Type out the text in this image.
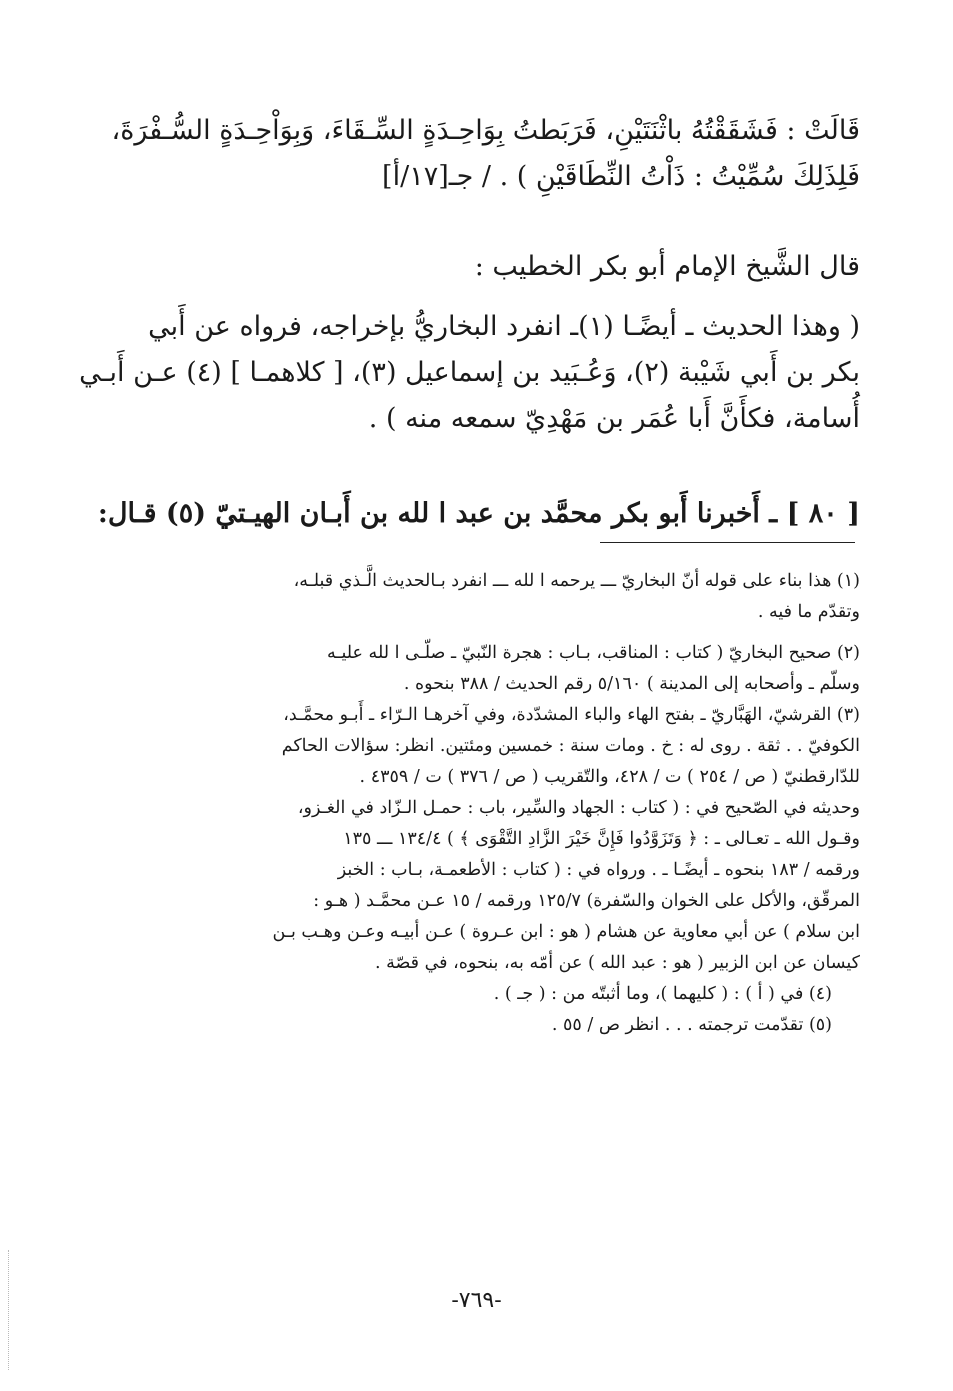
قَالَتْ : فَشَقَقْتُهُ باثْنَتَيْنِ، فَرَبَطتُ بِوَاحِـدَةٍ السِّـقَاءَ، وَبِوَاْحِـدَةٍ السُّـفْرَةَ،
فَلِذَلِكَ سُمِّيْتُ : ذَاْتُ النِّطَاقَيْنِ ) . / جـ[١٧/أ]
قال الشَّيخ الإمام أبو بكر الخطيب :
( وهذا الحديث ـ أيضًـا (١)ـ انفرد البخاريُّ بإخراجه، فرواه عن أَبي
بكر بن أَبي شَيْبة (٢)، وَعُـبَيد بن إسماعيل (٣)، [ كلاهمـا ] (٤) عـن أَبـي
أُسامة، فكأَنَّ أَبا عُمَر بن مَهْدِيّ سمعه منه ) .
[ ٨٠ ] ـ أَخبرنا أَبو بكر محمَّد بن عبد ا لله بن أَبـان الهيـتيّ (٥) قـال:
(١) هذا بناء على قوله أنّ البخاريّ ـــ يرحمه ا لله ـــ انفرد بـالحديث الَّـذي قبلـه،
وتقدّم ما فيه .
(٢) صحيح البخاريّ ( كتاب : المناقب، بـاب : هجرة النّبيّ ـ صلّـى ا لله عليـه
وسلّم ـ وأصحابه إلى المدينة ) ٥/١٦٠ رقم الحديث / ٣٨٨ بنحوه .
(٣) القرشيّ، الهَبَّاريّ ـ بفتح الهاء والباء المشدّدة، وفي آخرهـا الـرّاء ـ أَبـو محمَّـد،
الكوفيّ . . ثقة . روى له : خ . ومات سنة : خمسين ومئتين. انظر: سؤالات الحاكم
للدّارقطنيّ ( ص / ٢٥٤ ) ت / ٤٢٨، والتّقريب ( ص / ٣٧٦ ) ت / ٤٣٥٩ .
وحديثه في الصّحيح في : ( كتاب : الجهاد والسِّير، باب : حمـل الـزّاد في الغـزو،
وقـول الله ـ تعـالى ـ : ﴿ وَتَزَوَّدُوا فَإِنَّ خَيْرَ الزَّادِ التَّقْوَى ﴾ ) ١٣٤/٤ ـــ ١٣٥
ورقمه / ١٨٣ بنحوه ـ أيضًـا ـ . ورواه في : ( كتاب : الأطعمـة، بـاب : الخبز
المرقّق، والأكل على الخوان والسّفرة) ١٢٥/٧ ورقمه / ١٥ عـن محمَّـد ( هـو :
ابن سلام ) عن أبي معاوية عن هشام ( هو : ابن عـروة ) عـن أبيـه وعـن وهـب بـن
كيسان عن ابن الزبير ( هو : عبد الله ) عن أمّه به، بنحوه، في قصّة .
(٤) في ( أ ) : ( كليهما )، وما أثبتّه من : ( جـ ) .
(٥) تقدّمت ترجمته . . . انظر ص / ٥٥ .
-٧٦٩-
